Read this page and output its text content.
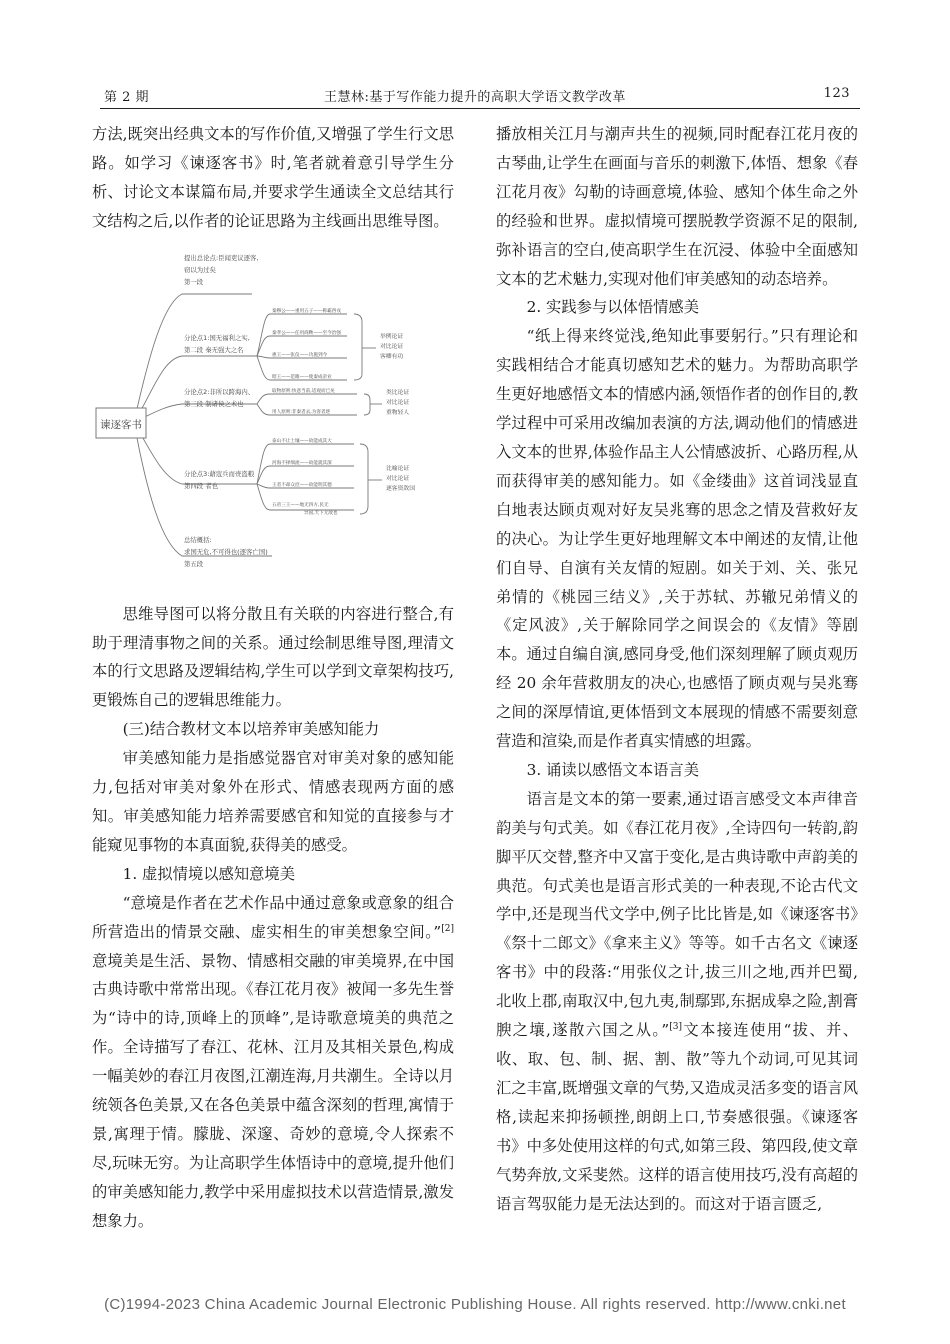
第 2 期	王慧林:基于写作能力提升的高职大学语文教学改革	123

方法,既突出经典文本的写作价值,又增强了学生行文思路。如学习《谏逐客书》时,笔者就着意引导学生分析、讨论文本谋篇布局,并要求学生通读全文总结其行文结构之后,以作者的论证思路为主线画出思维导图。

谏逐客书
提出总论点:臣闻吏议逐客,
窃以为过矣
第一段
分论点1:国无福利之实,
第二段 秦无强大之名
秦穆公——重用五子——称霸西戎
秦孝公——任用商鞅——至今治强
惠王——张仪——功施到今
昭王——范雎——使秦成帝业
举例论证
对比论证
客卿有功
分论点2:非所以跨海内、
第三段 制诸侯之术也
取物原则:快意当前,适观而已矣
用人原则:非秦者去,为客者逐
类比论证
对比论证
重物轻人
分论点3:藉寇兵而赍盗粮
第四段 者也
泰山不让土壤——故能成其大
河海不择细流——故能就其深
王者不却众庶——故能明其德
五帝三王——地无四方,民无
异国,天下无敌也
比喻论证
对比论证
逐客资敌国
总结概括:
求国无危,不可得也(逐客亡国)
第五段

思维导图可以将分散且有关联的内容进行整合,有助于理清事物之间的关系。通过绘制思维导图,理清文本的行文思路及逻辑结构,学生可以学到文章架构技巧,更锻炼自己的逻辑思维能力。

(三)结合教材文本以培养审美感知能力

审美感知能力是指感觉器官对审美对象的感知能力,包括对审美对象外在形式、情感表现两方面的感知。审美感知能力培养需要感官和知觉的直接参与才能窥见事物的本真面貌,获得美的感受。

1. 虚拟情境以感知意境美

“意境是作者在艺术作品中通过意象或意象的组合所营造出的情景交融、虚实相生的审美想象空间。”[2]意境美是生活、景物、情感相交融的审美境界,在中国古典诗歌中常常出现。《春江花月夜》被闻一多先生誉为“诗中的诗,顶峰上的顶峰”,是诗歌意境美的典范之作。全诗描写了春江、花林、江月及其相关景色,构成一幅美妙的春江月夜图,江潮连海,月共潮生。全诗以月统领各色美景,又在各色美景中蕴含深刻的哲理,寓情于景,寓理于情。朦胧、深邃、奇妙的意境,令人探索不尽,玩味无穷。为让高职学生体悟诗中的意境,提升他们的审美感知能力,教学中采用虚拟技术以营造情景,激发想象力。

播放相关江月与潮声共生的视频,同时配春江花月夜的古琴曲,让学生在画面与音乐的刺激下,体悟、想象《春江花月夜》勾勒的诗画意境,体验、感知个体生命之外的经验和世界。虚拟情境可摆脱教学资源不足的限制,弥补语言的空白,使高职学生在沉浸、体验中全面感知文本的艺术魅力,实现对他们审美感知的动态培养。

2. 实践参与以体悟情感美

“纸上得来终觉浅,绝知此事要躬行。”只有理论和实践相结合才能真切感知艺术的魅力。为帮助高职学生更好地感悟文本的情感内涵,领悟作者的创作目的,教学过程中可采用改编加表演的方法,调动他们的情感进入文本的世界,体验作品主人公情感波折、心路历程,从而获得审美的感知能力。如《金缕曲》这首词浅显直白地表达顾贞观对好友吴兆骞的思念之情及营救好友的决心。为让学生更好地理解文本中阐述的友情,让他们自导、自演有关友情的短剧。如关于刘、关、张兄弟情的《桃园三结义》,关于苏轼、苏辙兄弟情义的《定风波》,关于解除同学之间误会的《友情》等剧本。通过自编自演,感同身受,他们深刻理解了顾贞观历经 20 余年营救朋友的决心,也感悟了顾贞观与吴兆骞之间的深厚情谊,更体悟到文本展现的情感不需要刻意营造和渲染,而是作者真实情感的坦露。

3. 诵读以感悟文本语言美

语言是文本的第一要素,通过语言感受文本声律音韵美与句式美。如《春江花月夜》,全诗四句一转韵,韵脚平仄交替,整齐中又富于变化,是古典诗歌中声韵美的典范。句式美也是语言形式美的一种表现,不论古代文学中,还是现当代文学中,例子比比皆是,如《谏逐客书》《祭十二郎文》《拿来主义》等等。如千古名文《谏逐客书》中的段落:“用张仪之计,拔三川之地,西并巴蜀,北收上郡,南取汉中,包九夷,制鄢郢,东据成皋之险,割膏腴之壤,遂散六国之从。”[3]文本接连使用“拔、并、收、取、包、制、据、割、散”等九个动词,可见其词汇之丰富,既增强文章的气势,又造成灵活多变的语言风格,读起来抑扬顿挫,朗朗上口,节奏感很强。《谏逐客书》中多处使用这样的句式,如第三段、第四段,使文章气势奔放,文采斐然。这样的语言使用技巧,没有高超的语言驾驭能力是无法达到的。而这对于语言匮乏,

(C)1994-2023 China Academic Journal Electronic Publishing House. All rights reserved. http://www.cnki.net
